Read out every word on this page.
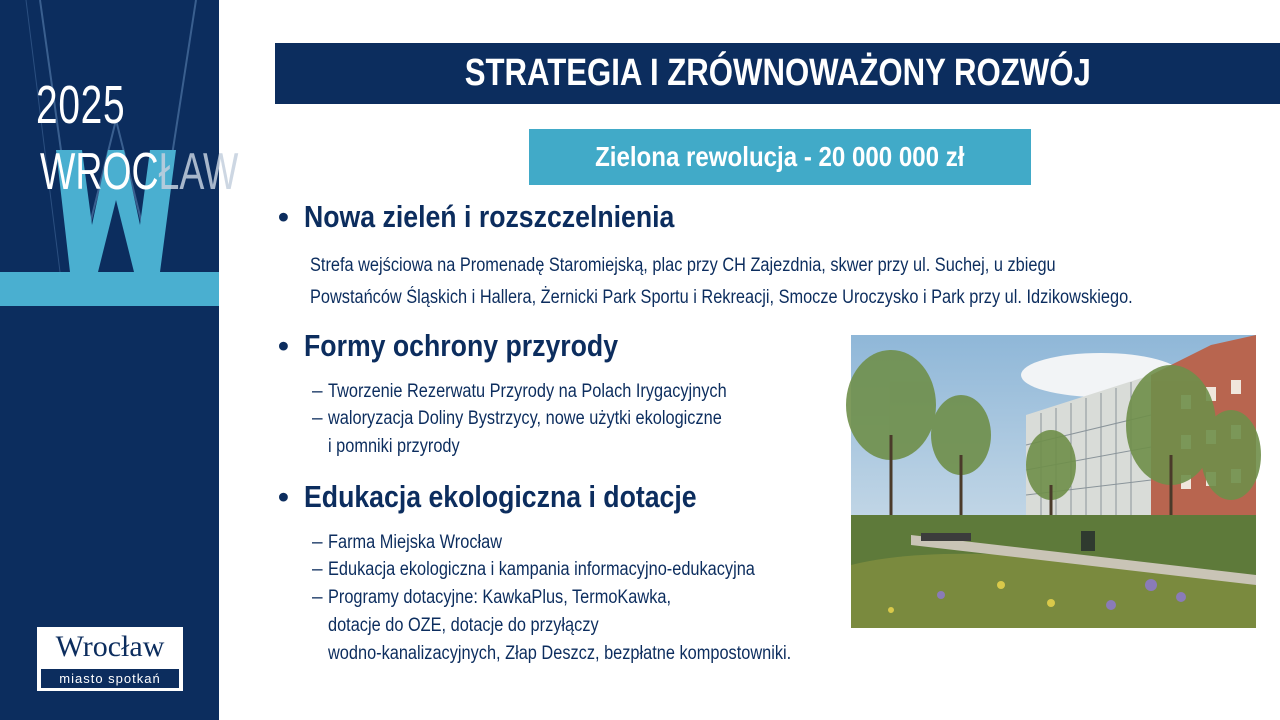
2025
WROCŁAW
Wrocław
miasto spotkań
STRATEGIA I ZRÓWNOWAŻONY ROZWÓJ
Zielona rewolucja - 20 000 000 zł
• Nowa zieleń i rozszczelnienia
Strefa wejściowa na Promenadę Staromiejską, plac przy CH Zajezdnia, skwer przy ul. Suchej, u zbiegu
Powstańców Śląskich i Hallera, Żernicki Park Sportu i Rekreacji, Smocze Uroczysko i Park przy ul. Idzikowskiego.
• Formy ochrony przyrody
– Tworzenie Rezerwatu Przyrody na Polach Irygacyjnych
– waloryzacja Doliny Bystrzycy, nowe użytki ekologiczne
i pomniki przyrody
• Edukacja ekologiczna i dotacje
– Farma Miejska Wrocław
– Edukacja ekologiczna i kampania informacyjno-edukacyjna
– Programy dotacyjne: KawkaPlus, TermoKawka,
dotacje do OZE, dotacje do przyłączy
wodno-kanalizacyjnych, Złap Deszcz, bezpłatne kompostowniki.
